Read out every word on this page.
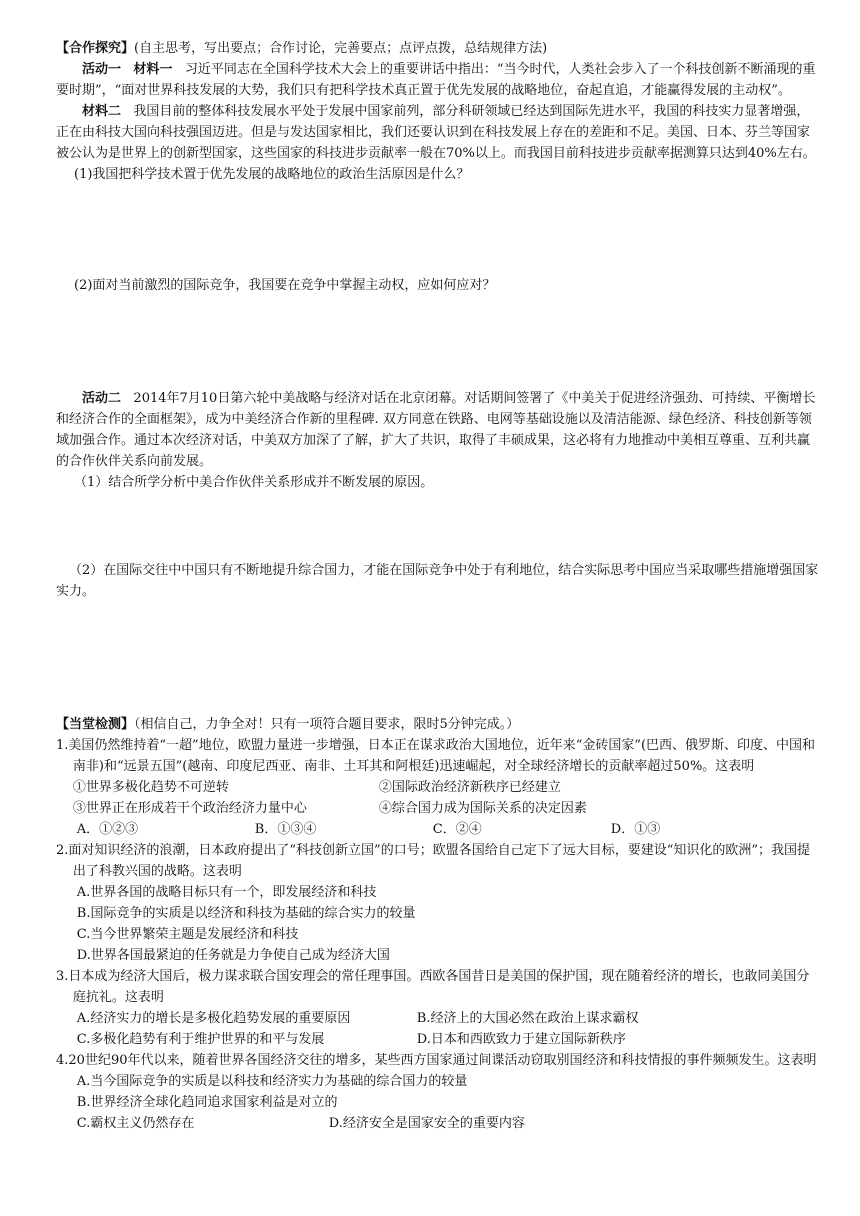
【合作探究】(自主思考，写出要点；合作讨论，完善要点；点评点拨，总结规律方法)

活动一 材料一 习近平同志在全国科学技术大会上的重要讲话中指出：“当今时代，人类社会步入了一个科技创新不断涌现的重要时期”，“面对世界科技发展的大势，我们只有把科学技术真正置于优先发展的战略地位，奋起直追，才能赢得发展的主动权”。

材料二 我国目前的整体科技发展水平处于发展中国家前列，部分科研领域已经达到国际先进水平，我国的科技实力显著增强，正在由科技大国向科技强国迈进。但是与发达国家相比，我们还要认识到在科技发展上存在的差距和不足。美国、日本、芬兰等国家被公认为是世界上的创新型国家，这些国家的科技进步贡献率一般在70%以上。而我国目前科技进步贡献率据测算只达到40%左右。

(1)我国把科学技术置于优先发展的战略地位的政治生活原因是什么？

(2)面对当前激烈的国际竞争，我国要在竞争中掌握主动权，应如何应对？

活动二 2014年7月10日第六轮中美战略与经济对话在北京闭幕。对话期间签署了《中美关于促进经济强劲、可持续、平衡增长和经济合作的全面框架》，成为中美经济合作新的里程碑. 双方同意在铁路、电网等基础设施以及清洁能源、绿色经济、科技创新等领域加强合作。通过本次经济对话，中美双方加深了了解，扩大了共识，取得了丰硕成果，这必将有力地推动中美相互尊重、互利共赢的合作伙伴关系向前发展。

（1）结合所学分析中美合作伙伴关系形成并不断发展的原因。

（2）在国际交往中中国只有不断地提升综合国力，才能在国际竞争中处于有利地位，结合实际思考中国应当采取哪些措施增强国家实力。

【当堂检测】（相信自己，力争全对！只有一项符合题目要求，限时5分钟完成。）

1.美国仍然维持着“一超”地位，欧盟力量进一步增强，日本正在谋求政治大国地位，近年来“金砖国家”(巴西、俄罗斯、印度、中国和南非)和“远景五国”(越南、印度尼西亚、南非、土耳其和阿根廷)迅速崛起，对全球经济增长的贡献率超过50%。这表明

①世界多极化趋势不可逆转	②国际政治经济新秩序已经建立
③世界正在形成若干个政治经济力量中心	④综合国力成为国际关系的决定因素
A．①②③	B．①③④	C．②④	D．①③

2.面对知识经济的浪潮，日本政府提出了“科技创新立国”的口号；欧盟各国给自己定下了远大目标，要建设“知识化的欧洲”；我国提出了科教兴国的战略。这表明

A.世界各国的战略目标只有一个，即发展经济和科技

B.国际竞争的实质是以经济和科技为基础的综合实力的较量

C.当今世界繁荣主题是发展经济和科技

D.世界各国最紧迫的任务就是力争使自己成为经济大国

3.日本成为经济大国后，极力谋求联合国安理会的常任理事国。西欧各国昔日是美国的保护国，现在随着经济的增长，也敢同美国分庭抗礼。这表明

A.经济实力的增长是多极化趋势发展的重要原因	B.经济上的大国必然在政治上谋求霸权
C.多极化趋势有利于维护世界的和平与发展	D.日本和西欧致力于建立国际新秩序

4.20世纪90年代以来，随着世界各国经济交往的增多，某些西方国家通过间谍活动窃取别国经济和科技情报的事件频频发生。这表明

A.当今国际竞争的实质是以科技和经济实力为基础的综合国力的较量

B.世界经济全球化趋同追求国家利益是对立的

C.霸权主义仍然存在	D.经济安全是国家安全的重要内容
